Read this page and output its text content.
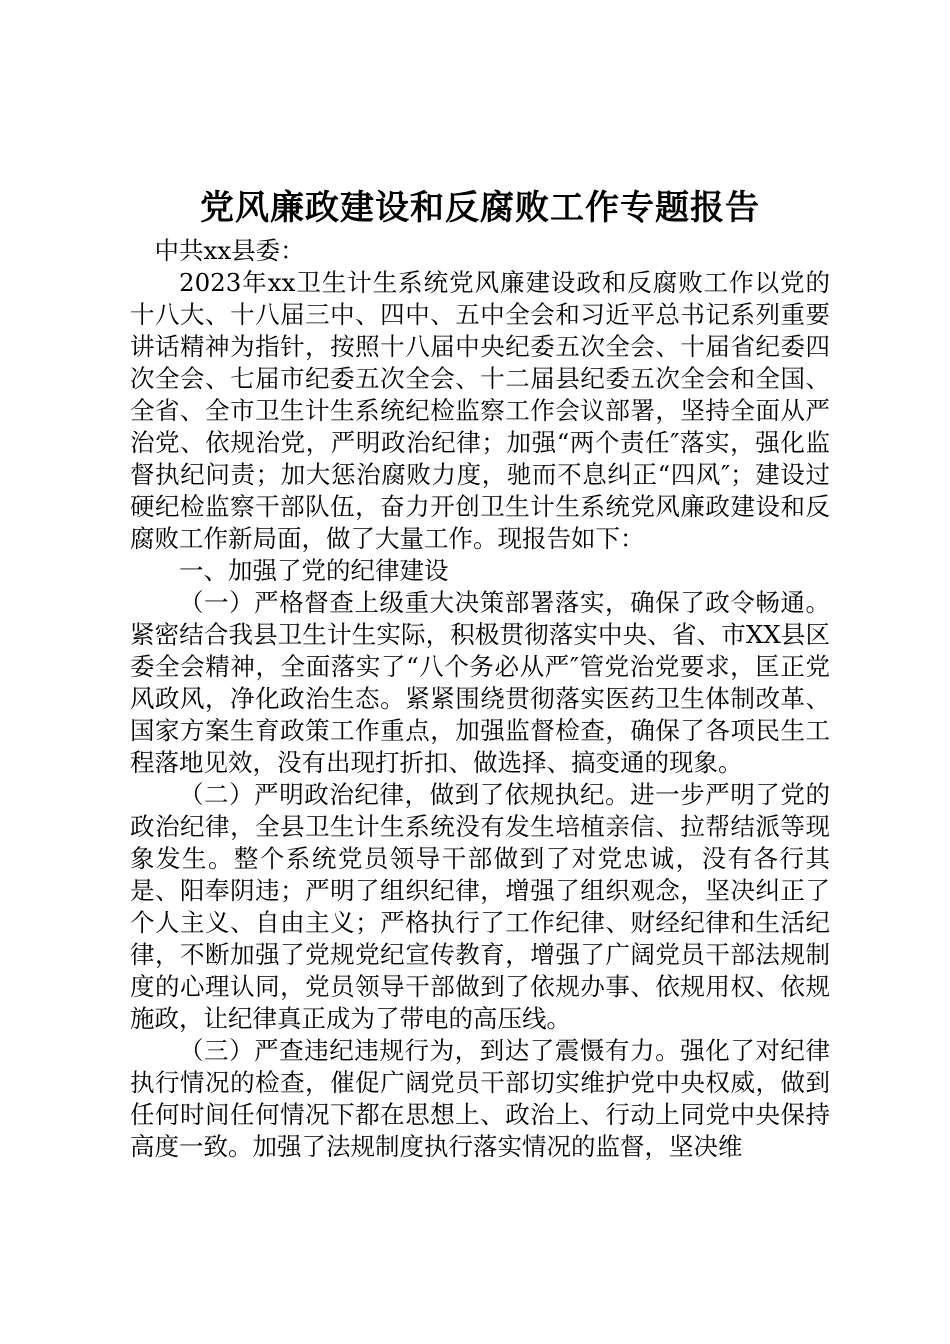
党风廉政建设和反腐败工作专题报告

中共xx县委：

2023年xx卫生计生系统党风廉建设政和反腐败工作以党的十八大、十八届三中、四中、五中全会和习近平总书记系列重要讲话精神为指针，按照十八届中央纪委五次全会、十届省纪委四次全会、七届市纪委五次全会、十二届县纪委五次全会和全国、全省、全市卫生计生系统纪检监察工作会议部署，坚持全面从严治党、依规治党，严明政治纪律；加强“两个责任″落实，强化监督执纪问责；加大惩治腐败力度，驰而不息纠正“四风″；建设过硬纪检监察干部队伍，奋力开创卫生计生系统党风廉政建设和反腐败工作新局面，做了大量工作。现报告如下：

一、加强了党的纪律建设

（一）严格督查上级重大决策部署落实，确保了政令畅通。紧密结合我县卫生计生实际，积极贯彻落实中央、省、市XX县区委全会精神，全面落实了“八个务必从严″管党治党要求，匡正党风政风，净化政治生态。紧紧围绕贯彻落实医药卫生体制改革、国家方案生育政策工作重点，加强监督检查，确保了各项民生工程落地见效，没有出现打折扣、做选择、搞变通的现象。

（二）严明政治纪律，做到了依规执纪。进一步严明了党的政治纪律，全县卫生计生系统没有发生培植亲信、拉帮结派等现象发生。整个系统党员领导干部做到了对党忠诚，没有各行其是、阳奉阴违；严明了组织纪律，增强了组织观念，坚决纠正了个人主义、自由主义；严格执行了工作纪律、财经纪律和生活纪律，不断加强了党规党纪宣传教育，增强了广阔党员干部法规制度的心理认同，党员领导干部做到了依规办事、依规用权、依规施政，让纪律真正成为了带电的高压线。

（三）严查违纪违规行为，到达了震慑有力。强化了对纪律执行情况的检查，催促广阔党员干部切实维护党中央权威，做到任何时间任何情况下都在思想上、政治上、行动上同党中央保持高度一致。加强了法规制度执行落实情况的监督，坚决维
